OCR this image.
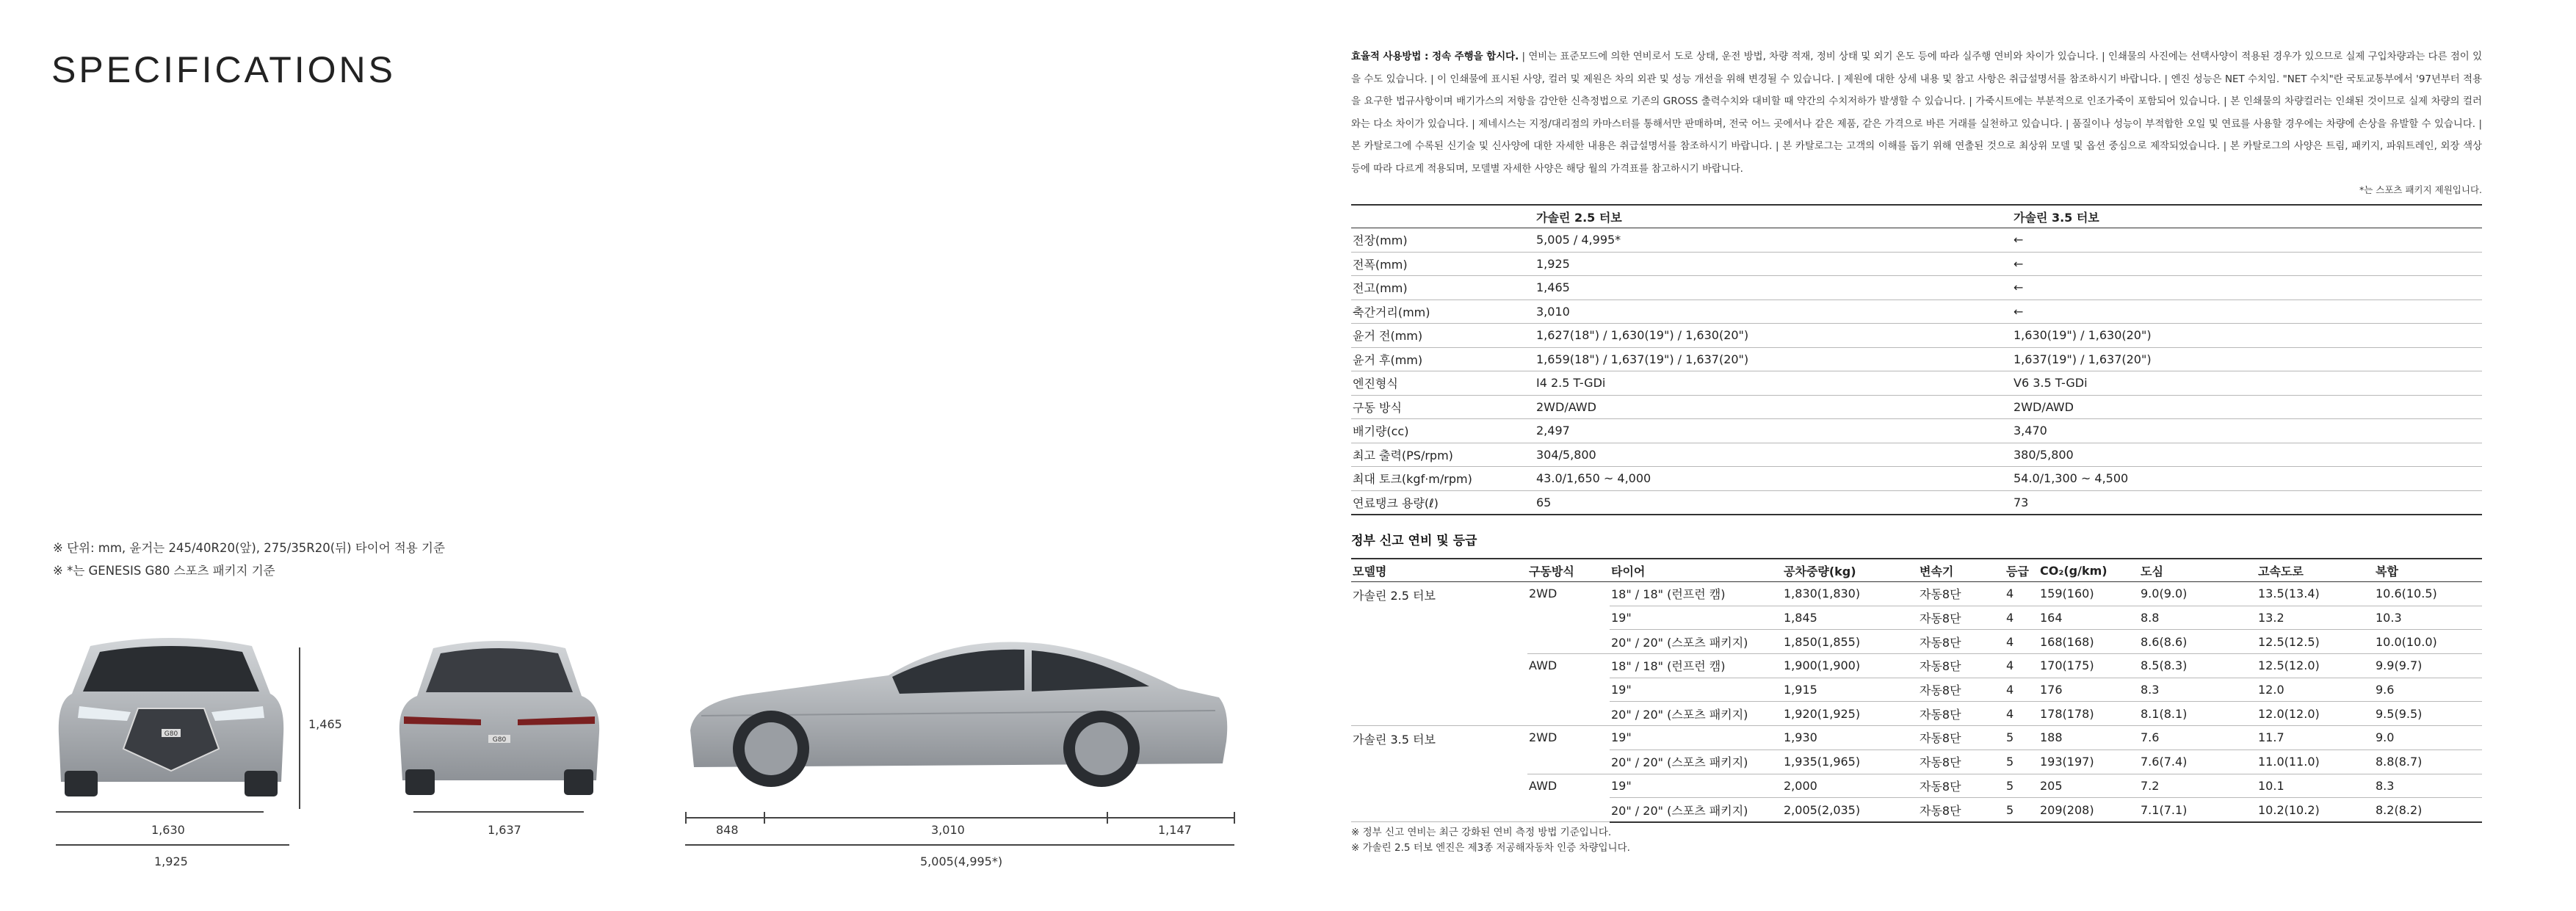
SPECIFICATIONS
※ 단위: mm, 윤거는 245/40R20(앞), 275/35R20(뒤) 타이어 적용 기준
※ *는 GENESIS G80 스포츠 패키지 기준
G80
1,465
1,630
1,925
G80
1,637	848	3,010	1,147
5,005(4,995*)
효율적 사용방법 : 정속 주행을 합시다. | 연비는 표준모드에 의한 연비로서 도로 상태, 운전 방법, 차량 적재, 정비 상태 및 외기 온도 등에 따라 실주행 연비와 차이가 있습니다. | 인쇄물의 사진에는 선택사양이 적용된 경우가 있으므로 실제 구입차량과는 다른 점이 있을 수도 있습니다. | 이 인쇄물에 표시된 사양, 컬러 및 제원은 차의 외관 및 성능 개선을 위해 변경될 수 있습니다. | 제원에 대한 상세 내용 및 참고 사항은 취급설명서를 참조하시기 바랍니다. | 엔진 성능은 NET 수치임. "NET 수치"란 국토교통부에서 '97년부터 적용을 요구한 법규사항이며 배기가스의 저항을 감안한 신측정법으로 기존의 GROSS 출력수치와 대비할 때 약간의 수치저하가 발생할 수 있습니다. | 가죽시트에는 부분적으로 인조가죽이 포함되어 있습니다. | 본 인쇄물의 차량컬러는 인쇄된 것이므로 실제 차량의 컬러와는 다소 차이가 있습니다. | 제네시스는 지정/대리점의 카마스터를 통해서만 판매하며, 전국 어느 곳에서나 같은 제품, 같은 가격으로 바른 거래를 실천하고 있습니다. | 품질이나 성능이 부적합한 오일 및 연료를 사용할 경우에는 차량에 손상을 유발할 수 있습니다. | 본 카탈로그에 수록된 신기술 및 신사양에 대한 자세한 내용은 취급설명서를 참조하시기 바랍니다. | 본 카탈로그는 고객의 이해를 돕기 위해 연출된 것으로 최상위 모델 및 옵션 중심으로 제작되었습니다. | 본 카탈로그의 사양은 트림, 패키지, 파워트레인, 외장 색상 등에 따라 다르게 적용되며, 모델별 자세한 사양은 해당 월의 가격표를 참고하시기 바랍니다.
*는 스포츠 패키지 제원입니다.
	가솔린 2.5 터보	가솔린 3.5 터보
전장(mm)	5,005 / 4,995*	←
전폭(mm)	1,925	←
전고(mm)	1,465	←
축간거리(mm)	3,010	←
윤거 전(mm)	1,627(18") / 1,630(19") / 1,630(20")	1,630(19") / 1,630(20")
윤거 후(mm)	1,659(18") / 1,637(19") / 1,637(20")	1,637(19") / 1,637(20")
엔진형식	I4 2.5 T-GDi	V6 3.5 T-GDi
구동 방식	2WD/AWD	2WD/AWD
배기량(cc)	2,497	3,470
최고 출력(PS/rpm)	304/5,800	380/5,800
최대 토크(kgf·m/rpm)	43.0/1,650 ~ 4,000	54.0/1,300 ~ 4,500
연료탱크 용량(ℓ)	65	73
정부 신고 연비 및 등급
모델명	구동방식	타이어	공차중량(kg)	변속기	등급	CO₂(g/km)	도심	고속도로	복합
가솔린 2.5 터보	2WD	18" / 18" (런프런 캠)	1,830(1,830)	자동8단	4	159(160)	9.0(9.0)	13.5(13.4)	10.6(10.5)
		19"	1,845	자동8단	4	164	8.8	13.2	10.3
		20" / 20" (스포츠 패키지)	1,850(1,855)	자동8단	4	168(168)	8.6(8.6)	12.5(12.5)	10.0(10.0)
	AWD	18" / 18" (런프런 캠)	1,900(1,900)	자동8단	4	170(175)	8.5(8.3)	12.5(12.0)	9.9(9.7)
		19"	1,915	자동8단	4	176	8.3	12.0	9.6
		20" / 20" (스포츠 패키지)	1,920(1,925)	자동8단	4	178(178)	8.1(8.1)	12.0(12.0)	9.5(9.5)
가솔린 3.5 터보	2WD	19"	1,930	자동8단	5	188	7.6	11.7	9.0
		20" / 20" (스포츠 패키지)	1,935(1,965)	자동8단	5	193(197)	7.6(7.4)	11.0(11.0)	8.8(8.7)
	AWD	19"	2,000	자동8단	5	205	7.2	10.1	8.3
		20" / 20" (스포츠 패키지)	2,005(2,035)	자동8단	5	209(208)	7.1(7.1)	10.2(10.2)	8.2(8.2)
※ 정부 신고 연비는 최근 강화된 연비 측정 방법 기준입니다.
※ 가솔린 2.5 터보 엔진은 제3종 저공해자동차 인증 차량입니다.
